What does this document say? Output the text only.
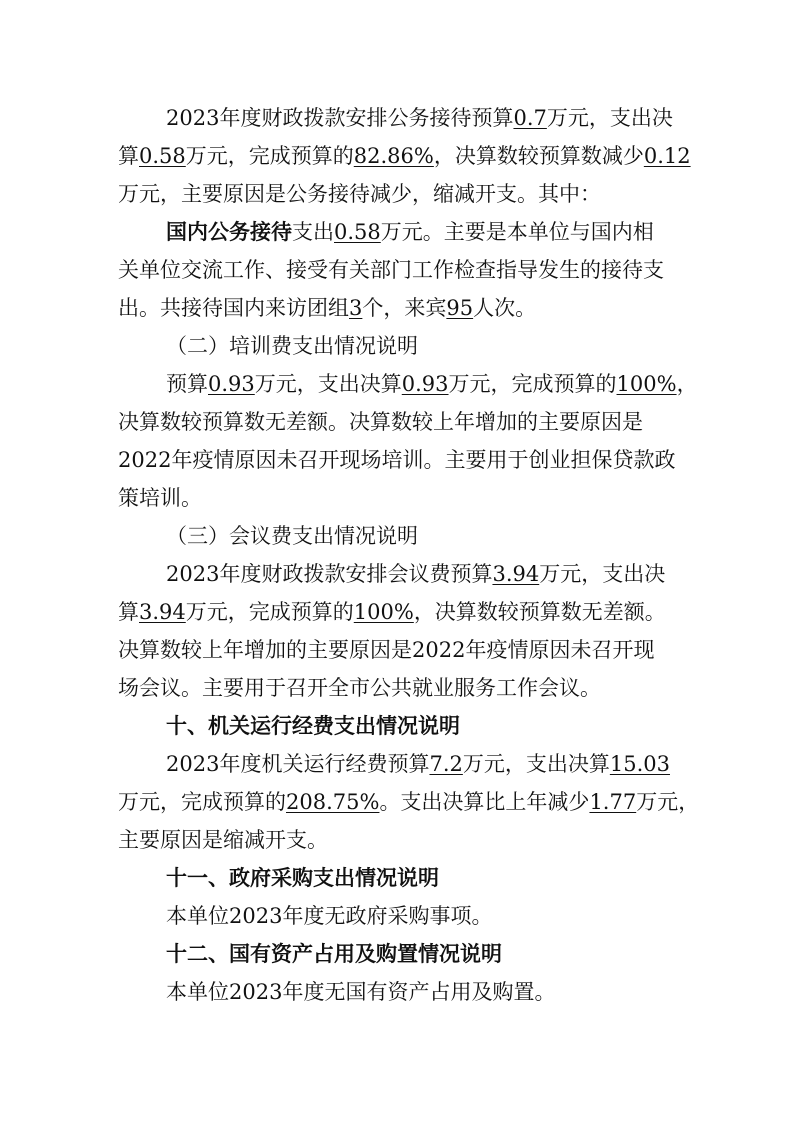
2023年度财政拨款安排公务接待预算0.7万元，支出决
算0.58万元，完成预算的82.86%，决算数较预算数减少0.12
万元，主要原因是公务接待减少，缩减开支。其中：
国内公务接待支出0.58万元。主要是本单位与国内相
关单位交流工作、接受有关部门工作检查指导发生的接待支
出。共接待国内来访团组3个，来宾95人次。
（二）培训费支出情况说明
预算0.93万元，支出决算0.93万元，完成预算的100%，
决算数较预算数无差额。决算数较上年增加的主要原因是
2022年疫情原因未召开现场培训。主要用于创业担保贷款政
策培训。
（三）会议费支出情况说明
2023年度财政拨款安排会议费预算3.94万元，支出决
算3.94万元，完成预算的100%，决算数较预算数无差额。
决算数较上年增加的主要原因是2022年疫情原因未召开现
场会议。主要用于召开全市公共就业服务工作会议。
十、机关运行经费支出情况说明
2023年度机关运行经费预算7.2万元，支出决算15.03
万元，完成预算的208.75%。支出决算比上年减少1.77万元，
主要原因是缩减开支。
十一、政府采购支出情况说明
本单位2023年度无政府采购事项。
十二、国有资产占用及购置情况说明
本单位2023年度无国有资产占用及购置。
